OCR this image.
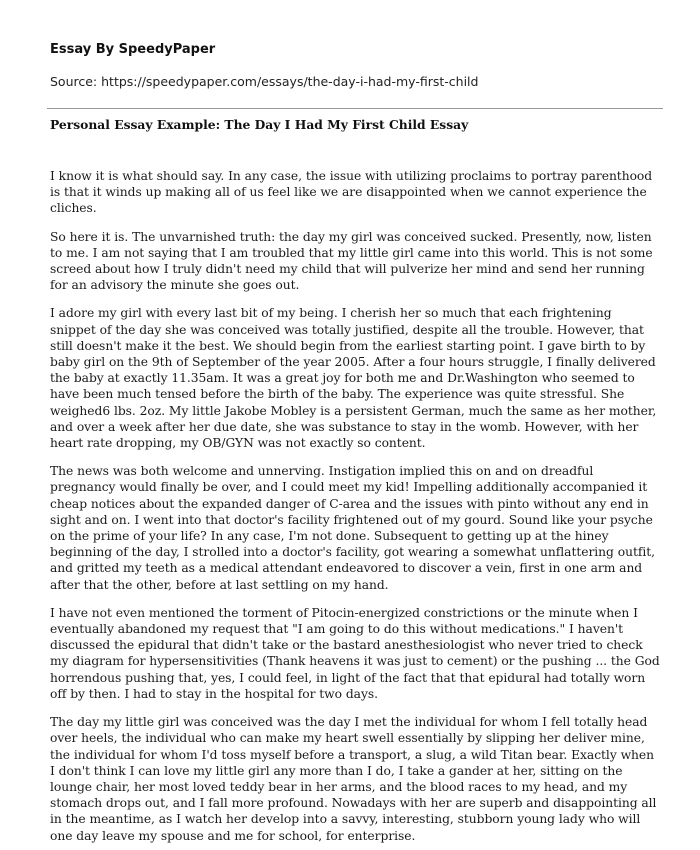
Essay By SpeedyPaper
Source: https://speedypaper.com/essays/the-day-i-had-my-first-child
Personal Essay Example: The Day I Had My First Child Essay

I know it is what should say. In any case, the issue with utilizing proclaims to portray parenthood is that it winds up making all of us feel like we are disappointed when we cannot experience the cliches.

So here it is. The unvarnished truth: the day my girl was conceived sucked. Presently, now, listen to me. I am not saying that I am troubled that my little girl came into this world. This is not some screed about how I truly didn't need my child that will pulverize her mind and send her running for an advisory the minute she goes out.

I adore my girl with every last bit of my being. I cherish her so much that each frightening snippet of the day she was conceived was totally justified, despite all the trouble. However, that still doesn't make it the best. We should begin from the earliest starting point. I gave birth to by baby girl on the 9th of September of the year 2005. After a four hours struggle, I finally delivered the baby at exactly 11.35am. It was a great joy for both me and Dr.Washington who seemed to have been much tensed before the birth of the baby. The experience was quite stressful. She weighed6 lbs. 2oz. My little Jakobe Mobley is a persistent German, much the same as her mother, and over a week after her due date, she was substance to stay in the womb. However, with her heart rate dropping, my OB/GYN was not exactly so content.

The news was both welcome and unnerving. Instigation implied this on and on dreadful pregnancy would finally be over, and I could meet my kid! Impelling additionally accompanied it cheap notices about the expanded danger of C-area and the issues with pinto without any end in sight and on. I went into that doctor's facility frightened out of my gourd. Sound like your psyche on the prime of your life? In any case, I'm not done. Subsequent to getting up at the hiney beginning of the day, I strolled into a doctor's facility, got wearing a somewhat unflattering outfit, and gritted my teeth as a medical attendant endeavored to discover a vein, first in one arm and after that the other, before at last settling on my hand.

I have not even mentioned the torment of Pitocin-energized constrictions or the minute when I eventually abandoned my request that "I am going to do this without medications." I haven't discussed the epidural that didn't take or the bastard anesthesiologist who never tried to check my diagram for hypersensitivities (Thank heavens it was just to cement) or the pushing ... the God horrendous pushing that, yes, I could feel, in light of the fact that that epidural had totally worn off by then. I had to stay in the hospital for two days.

The day my little girl was conceived was the day I met the individual for whom I fell totally head over heels, the individual who can make my heart swell essentially by slipping her deliver mine, the individual for whom I'd toss myself before a transport, a slug, a wild Titan bear. Exactly when I don't think I can love my little girl any more than I do, I take a gander at her, sitting on the lounge chair, her most loved teddy bear in her arms, and the blood races to my head, and my stomach drops out, and I fall more profound. Nowadays with her are superb and disappointing all in the meantime, as I watch her develop into a savvy, interesting, stubborn young lady who will one day leave my spouse and me for school, for enterprise.
